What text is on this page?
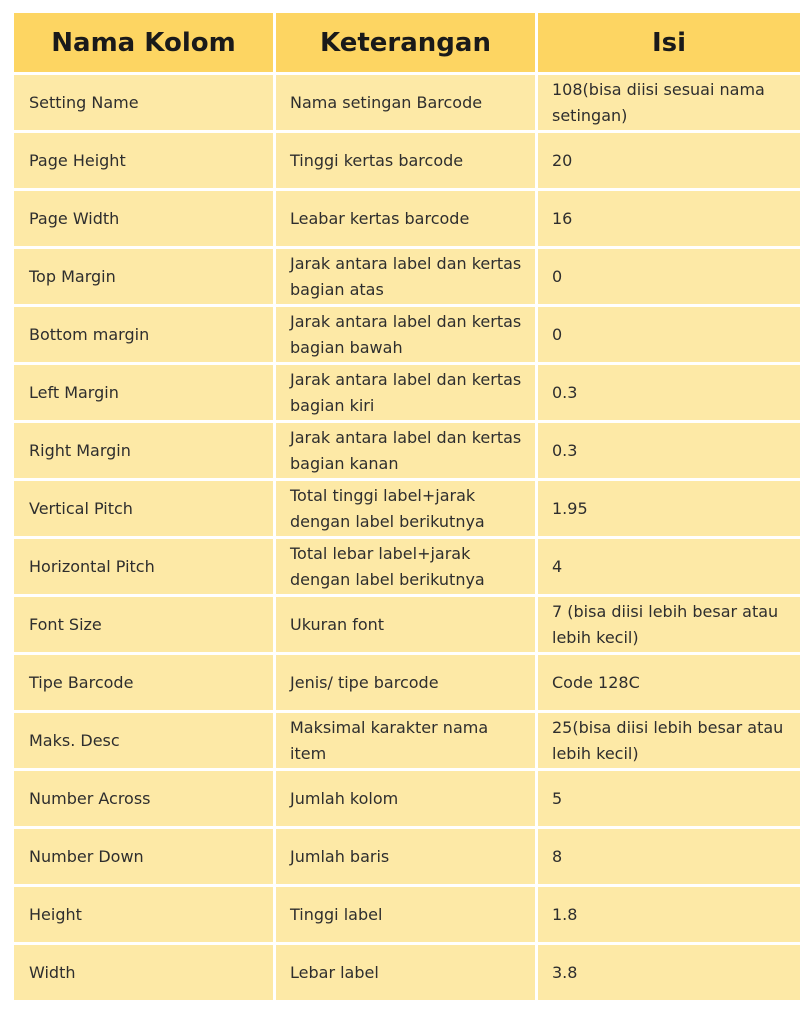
Nama Kolom	Keterangan	Isi
Setting Name	Nama setingan Barcode	108(bisa diisi sesuai nama setingan)
Page Height	Tinggi kertas barcode	20
Page Width	Leabar kertas barcode	16
Top Margin	Jarak antara label dan kertas bagian atas	0
Bottom margin	Jarak antara label dan kertas bagian bawah	0
Left Margin	Jarak antara label dan kertas bagian kiri	0.3
Right Margin	Jarak antara label dan kertas bagian kanan	0.3
Vertical Pitch	Total tinggi label+jarak dengan label berikutnya	1.95
Horizontal Pitch	Total lebar label+jarak dengan label berikutnya	4
Font Size	Ukuran font	7 (bisa diisi lebih besar atau lebih kecil)
Tipe Barcode	Jenis/ tipe barcode	Code 128C
Maks. Desc	Maksimal karakter nama item	25(bisa diisi lebih besar atau lebih kecil)
Number Across	Jumlah kolom	5
Number Down	Jumlah baris	8
Height	Tinggi label	1.8
Width	Lebar label	3.8
